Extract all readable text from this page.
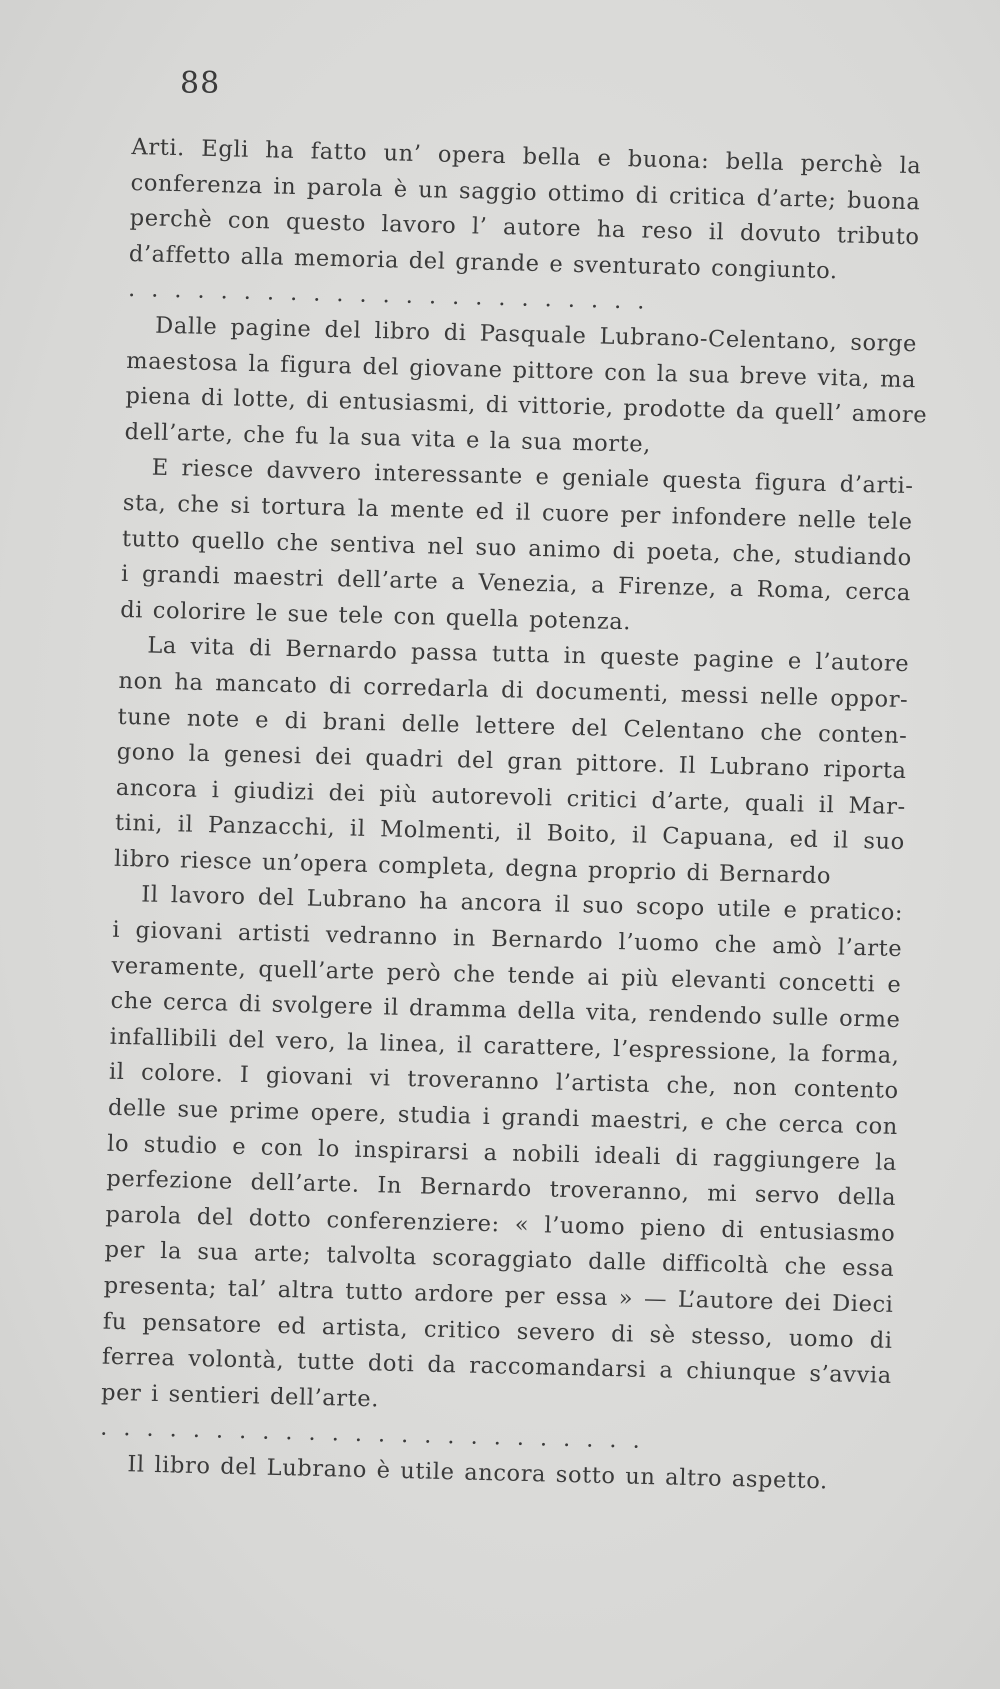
88
Arti. Egli ha fatto un’ opera bella e buona: bella perchè la
conferenza in parola è un saggio ottimo di critica d’arte; buona
perchè con questo lavoro l’ autore ha reso il dovuto tributo
d’affetto alla memoria del grande e sventurato congiunto.
.......................
Dalle pagine del libro di Pasquale Lubrano-Celentano, sorge
maestosa la figura del giovane pittore con la sua breve vita, ma
piena di lotte, di entusiasmi, di vittorie, prodotte da quell’ amore
dell’arte, che fu la sua vita e la sua morte,
E riesce davvero interessante e geniale questa figura d’arti-
sta, che si tortura la mente ed il cuore per infondere nelle tele
tutto quello che sentiva nel suo animo di poeta, che, studiando
i grandi maestri dell’arte a Venezia, a Firenze, a Roma, cerca
di colorire le sue tele con quella potenza.
La vita di Bernardo passa tutta in queste pagine e l’autore
non ha mancato di corredarla di documenti, messi nelle oppor-
tune note e di brani delle lettere del Celentano che conten-
gono la genesi dei quadri del gran pittore. Il Lubrano riporta
ancora i giudizi dei più autorevoli critici d’arte, quali il Mar-
tini, il Panzacchi, il Molmenti, il Boito, il Capuana, ed il suo
libro riesce un’opera completa, degna proprio di Bernardo
Il lavoro del Lubrano ha ancora il suo scopo utile e pratico:
i giovani artisti vedranno in Bernardo l’uomo che amò l’arte
veramente, quell’arte però che tende ai più elevanti concetti e
che cerca di svolgere il dramma della vita, rendendo sulle orme
infallibili del vero, la linea, il carattere, l’espressione, la forma,
il colore. I giovani vi troveranno l’artista che, non contento
delle sue prime opere, studia i grandi maestri, e che cerca con
lo studio e con lo inspirarsi a nobili ideali di raggiungere la
perfezione dell’arte. In Bernardo troveranno, mi servo della
parola del dotto conferenziere: « l’uomo pieno di entusiasmo
per la sua arte; talvolta scoraggiato dalle difficoltà che essa
presenta; tal’ altra tutto ardore per essa » — L’autore dei Dieci
fu pensatore ed artista, critico severo di sè stesso, uomo di
ferrea volontà, tutte doti da raccomandarsi a chiunque s’avvia
per i sentieri dell’arte.
........................
Il libro del Lubrano è utile ancora sotto un altro aspetto.
